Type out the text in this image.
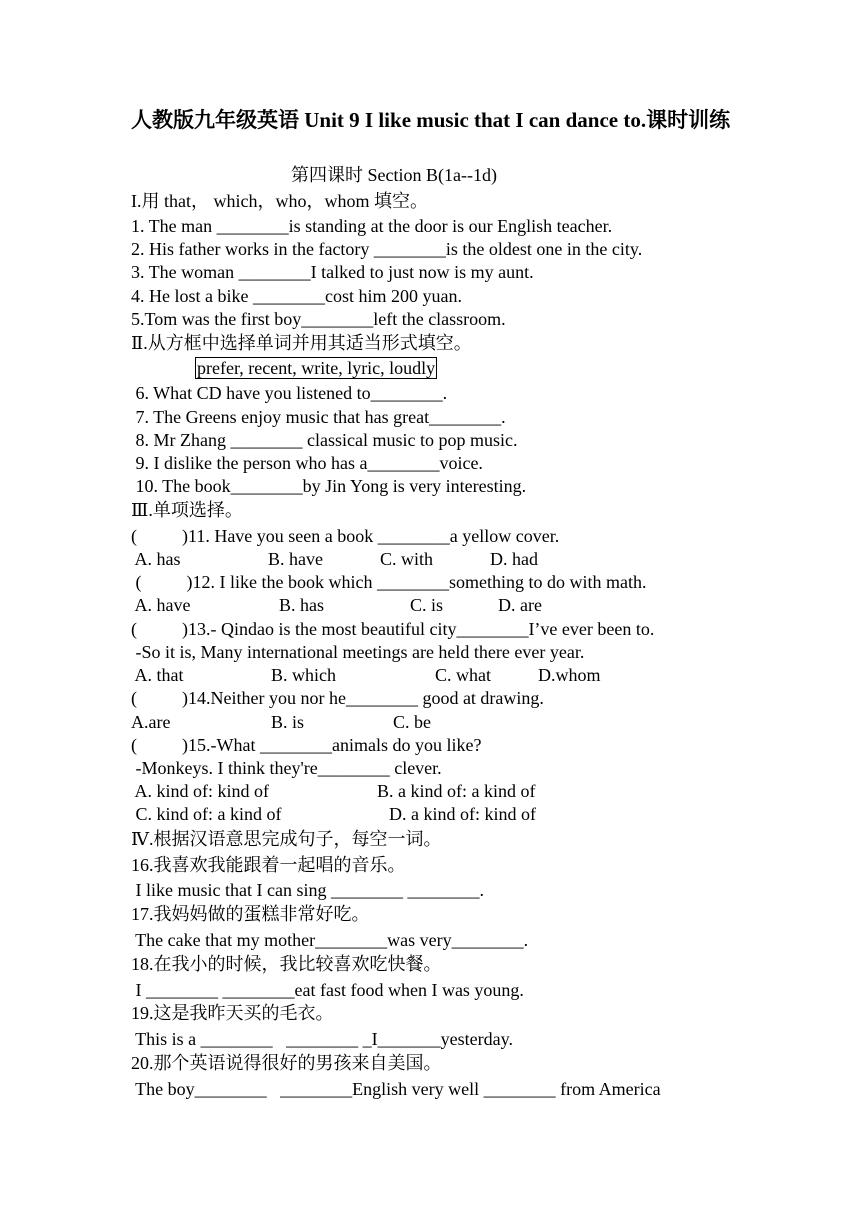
人教版九年级英语 Unit 9 I like music that I can dance to.课时训练
第四课时 Section B(1a--1d)
I.用 that， which，who，whom 填空。
1. The man ________is standing at the door is our English teacher.
2. His father works in the factory ________is the oldest one in the city.
3. The woman ________I talked to just now is my aunt.
4. He lost a bike ________cost him 200 yuan.
5.Tom was the first boy________left the classroom.
Ⅱ.从方框中选择单词并用其适当形式填空。
prefer, recent, write, lyric, loudly
6. What CD have you listened to________.
7. The Greens enjoy music that has great________.
8. Mr Zhang ________ classical music to pop music.
9. I dislike the person who has a________voice.
10. The book________by Jin Yong is very interesting.
Ⅲ.单项选择。
(          )11. Have you seen a book ________a yellow cover.
A. has	B. have	C. with	D. had
(          )12. I like the book which ________something to do with math.
A. have	B. has	C. is	D. are
(          )13.- Qindao is the most beautiful city________I’ve ever been to.
-So it is, Many international meetings are held there ever year.
A. that	B. which	C. what	D.whom
(          )14.Neither you nor he________ good at drawing.
A.are	B. is	C. be
(          )15.-What ________animals do you like?
-Monkeys. I think they're________ clever.
A. kind of: kind of	B. a kind of: a kind of
C. kind of: a kind of	D. a kind of: kind of
Ⅳ.根据汉语意思完成句子，每空一词。
16.我喜欢我能跟着一起唱的音乐。
I like music that I can sing ________ ________.
17.我妈妈做的蛋糕非常好吃。
The cake that my mother________was very________.
18.在我小的时候，我比较喜欢吃快餐。
I ________ ________eat fast food when I was young.
19.这是我昨天买的毛衣。
This is a ________   ________ _I_______yesterday.
20.那个英语说得很好的男孩来自美国。
The boy________   ________English very well ________ from America
